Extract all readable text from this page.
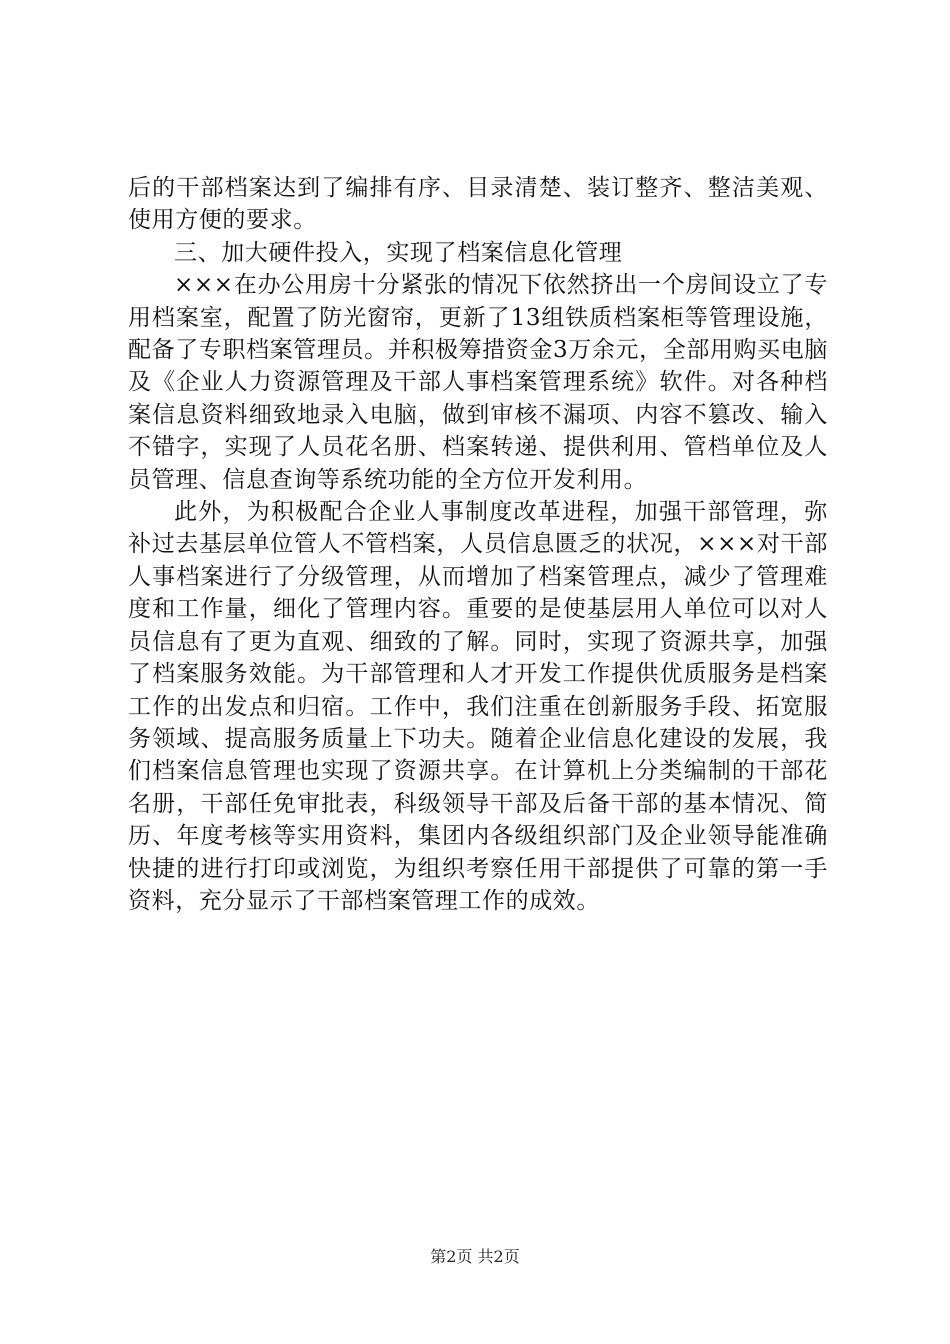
后的干部档案达到了编排有序、目录清楚、装订整齐、整洁美观、使用方便的要求。

三、加大硬件投入，实现了档案信息化管理

×××在办公用房十分紧张的情况下依然挤出一个房间设立了专用档案室，配置了防光窗帘，更新了13组铁质档案柜等管理设施，配备了专职档案管理员。并积极筹措资金3万余元，全部用购买电脑及《企业人力资源管理及干部人事档案管理系统》软件。对各种档案信息资料细致地录入电脑，做到审核不漏项、内容不篡改、输入不错字，实现了人员花名册、档案转递、提供利用、管档单位及人员管理、信息查询等系统功能的全方位开发利用。

此外，为积极配合企业人事制度改革进程，加强干部管理，弥补过去基层单位管人不管档案，人员信息匮乏的状况，×××对干部人事档案进行了分级管理，从而增加了档案管理点，减少了管理难度和工作量，细化了管理内容。重要的是使基层用人单位可以对人员信息有了更为直观、细致的了解。同时，实现了资源共享，加强了档案服务效能。为干部管理和人才开发工作提供优质服务是档案工作的出发点和归宿。工作中，我们注重在创新服务手段、拓宽服务领域、提高服务质量上下功夫。随着企业信息化建设的发展，我们档案信息管理也实现了资源共享。在计算机上分类编制的干部花名册，干部任免审批表，科级领导干部及后备干部的基本情况、简历、年度考核等实用资料，集团内各级组织部门及企业领导能准确快捷的进行打印或浏览，为组织考察任用干部提供了可靠的第一手资料，充分显示了干部档案管理工作的成效。

第2页 共2页
